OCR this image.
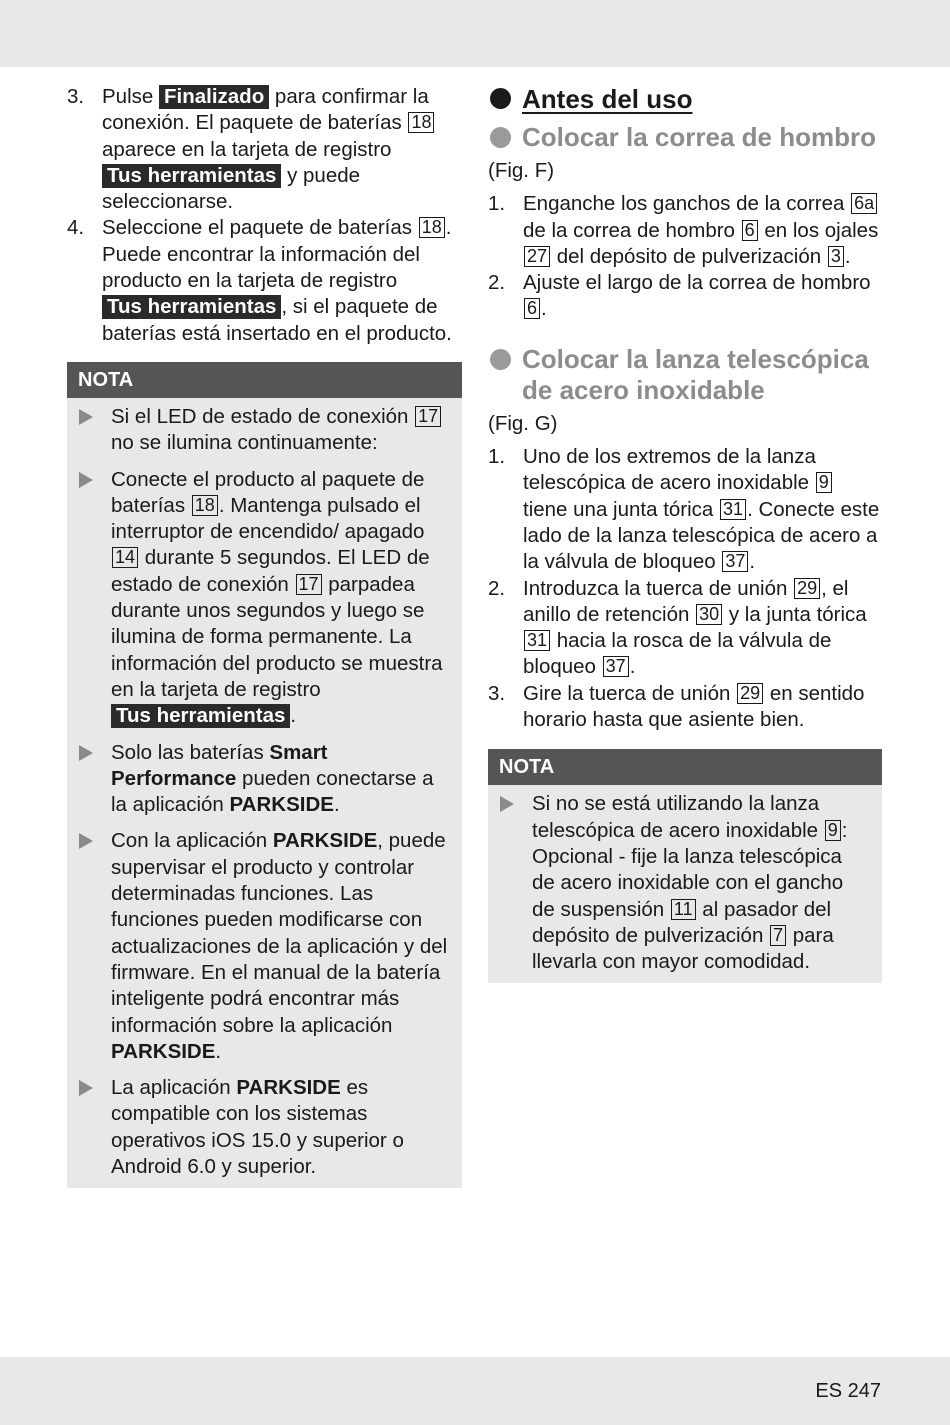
3. Pulse Finalizado para confirmar la conexión. El paquete de baterías 18 aparece en la tarjeta de registro Tus herramientas y puede seleccionarse.
4. Seleccione el paquete de baterías 18 . Puede encontrar la información del producto en la tarjeta de registro Tus herramientas , si el paquete de baterías está insertado en el producto.
NOTA
Si el LED de estado de conexión 17 no se ilumina continuamente:
Conecte el producto al paquete de baterías 18 . Mantenga pulsado el interruptor de encendido/ apagado 14 durante 5 segundos. El LED de estado de conexión 17 parpadea durante unos segundos y luego se ilumina de forma permanente. La información del producto se muestra en la tarjeta de registro Tus herramientas .
Solo las baterías Smart Performance pueden conectarse a la aplicación PARKSIDE.
Con la aplicación PARKSIDE, puede supervisar el producto y controlar determinadas funciones. Las funciones pueden modificarse con actualizaciones de la aplicación y del firmware. En el manual de la batería inteligente podrá encontrar más información sobre la aplicación PARKSIDE.
La aplicación PARKSIDE es compatible con los sistemas operativos iOS 15.0 y superior o Android 6.0 y superior.
Antes del uso
Colocar la correa de hombro
(Fig. F)
1. Enganche los ganchos de la correa 6a de la correa de hombro 6 en los ojales 27 del depósito de pulverización 3 .
2. Ajuste el largo de la correa de hombro 6 .
Colocar la lanza telescópica de acero inoxidable
(Fig. G)
1. Uno de los extremos de la lanza telescópica de acero inoxidable 9 tiene una junta tórica 31 . Conecte este lado de la lanza telescópica de acero a la válvula de bloqueo 37 .
2. Introduzca la tuerca de unión 29 , el anillo de retención 30 y la junta tórica 31 hacia la rosca de la válvula de bloqueo 37 .
3. Gire la tuerca de unión 29 en sentido horario hasta que asiente bien.
NOTA
Si no se está utilizando la lanza telescópica de acero inoxidable 9 : Opcional - fije la lanza telescópica de acero inoxidable con el gancho de suspensión 11 al pasador del depósito de pulverización 7 para llevarla con mayor comodidad.
ES 247
